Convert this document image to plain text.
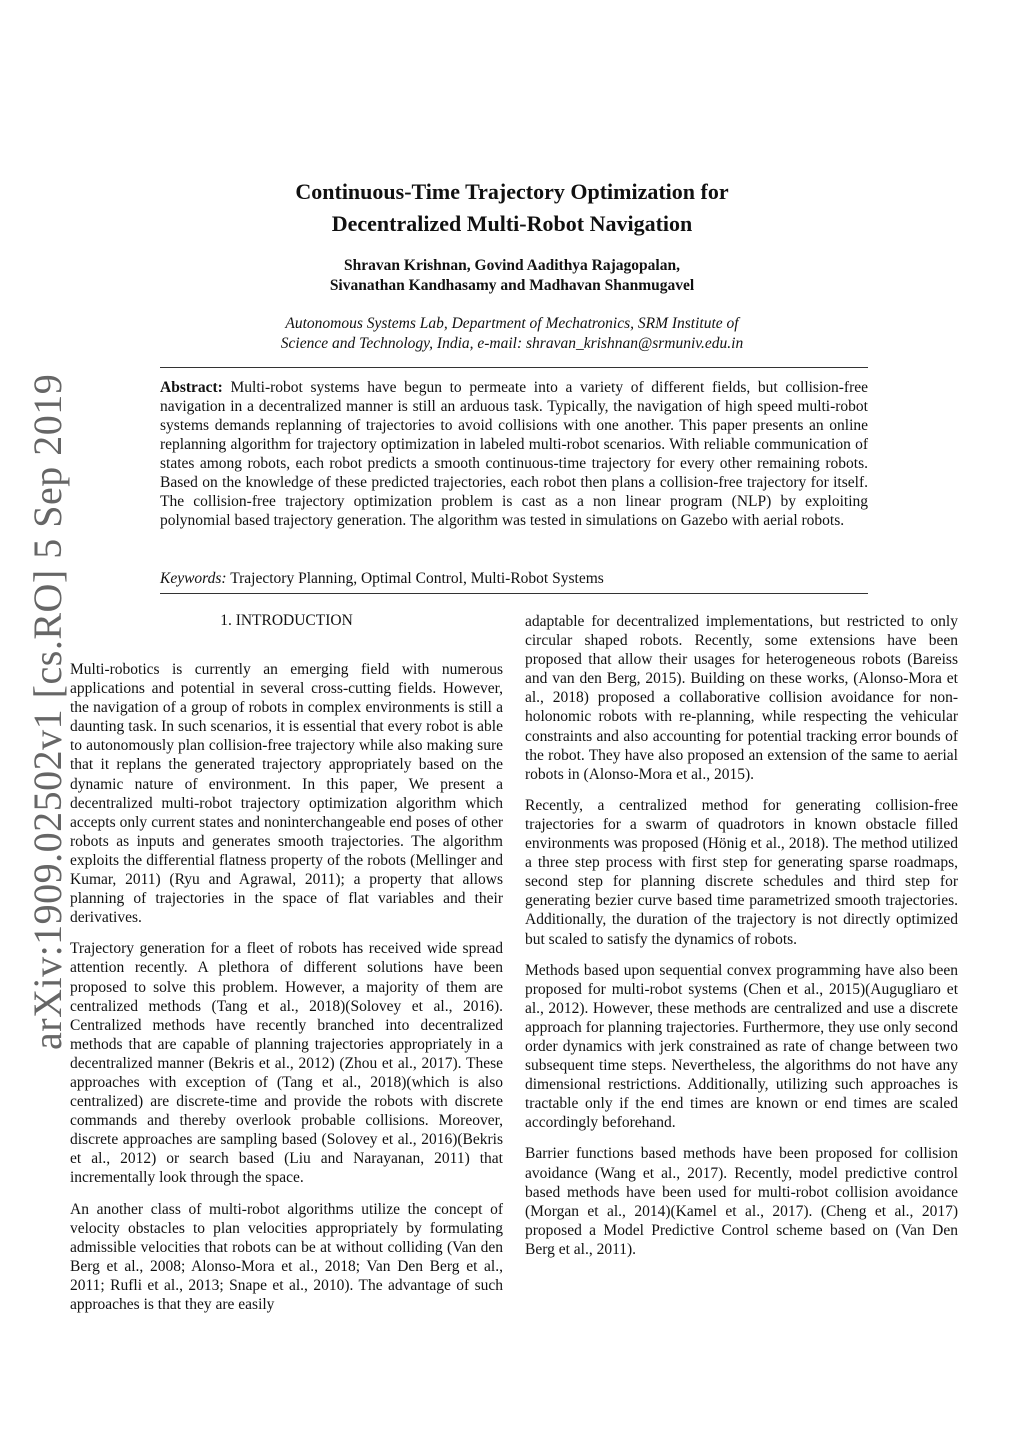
arXiv:1909.02502v1 [cs.RO] 5 Sep 2019
Continuous-Time Trajectory Optimization for
Decentralized Multi-Robot Navigation
Shravan Krishnan, Govind Aadithya Rajagopalan,
Sivanathan Kandhasamy and Madhavan Shanmugavel
Autonomous Systems Lab, Department of Mechatronics, SRM Institute of
Science and Technology, India, e-mail: shravan_krishnan@srmuniv.edu.in
Abstract: Multi-robot systems have begun to permeate into a variety of different fields, but collision-free navigation in a decentralized manner is still an arduous task. Typically, the navigation of high speed multi-robot systems demands replanning of trajectories to avoid collisions with one another. This paper presents an online replanning algorithm for trajectory optimization in labeled multi-robot scenarios. With reliable communication of states among robots, each robot predicts a smooth continuous-time trajectory for every other remaining robots. Based on the knowledge of these predicted trajectories, each robot then plans a collision-free trajectory for itself. The collision-free trajectory optimization problem is cast as a non linear program (NLP) by exploiting polynomial based trajectory generation. The algorithm was tested in simulations on Gazebo with aerial robots.
Keywords: Trajectory Planning, Optimal Control, Multi-Robot Systems
1. INTRODUCTION

Multi-robotics is currently an emerging field with numerous applications and potential in several cross-cutting fields. However, the navigation of a group of robots in complex environments is still a daunting task. In such scenarios, it is essential that every robot is able to autonomously plan collision-free trajectory while also making sure that it replans the generated trajectory appropriately based on the dynamic nature of environment. In this paper, We present a decentralized multi-robot trajectory optimization algorithm which accepts only current states and noninterchangeable end poses of other robots as inputs and generates smooth trajectories. The algorithm exploits the differential flatness property of the robots (Mellinger and Kumar, 2011) (Ryu and Agrawal, 2011); a property that allows planning of trajectories in the space of flat variables and their derivatives.

Trajectory generation for a fleet of robots has received wide spread attention recently. A plethora of different solutions have been proposed to solve this problem. However, a majority of them are centralized methods (Tang et al., 2018)(Solovey et al., 2016). Centralized methods have recently branched into decentralized methods that are capable of planning trajectories appropriately in a decentralized manner (Bekris et al., 2012) (Zhou et al., 2017). These approaches with exception of (Tang et al., 2018)(which is also centralized) are discrete-time and provide the robots with discrete commands and thereby overlook probable collisions. Moreover, discrete approaches are sampling based (Solovey et al., 2016)(Bekris et al., 2012) or search based (Liu and Narayanan, 2011) that incrementally look through the space.

An another class of multi-robot algorithms utilize the concept of velocity obstacles to plan velocities appropriately by formulating admissible velocities that robots can be at without colliding (Van den Berg et al., 2008; Alonso-Mora et al., 2018; Van Den Berg et al., 2011; Rufli et al., 2013; Snape et al., 2010). The advantage of such approaches is that they are easily

adaptable for decentralized implementations, but restricted to only circular shaped robots. Recently, some extensions have been proposed that allow their usages for heterogeneous robots (Bareiss and van den Berg, 2015). Building on these works, (Alonso-Mora et al., 2018) proposed a collaborative collision avoidance for non-holonomic robots with re-planning, while respecting the vehicular constraints and also accounting for potential tracking error bounds of the robot. They have also proposed an extension of the same to aerial robots in (Alonso-Mora et al., 2015).

Recently, a centralized method for generating collision-free trajectories for a swarm of quadrotors in known obstacle filled environments was proposed (Hönig et al., 2018). The method utilized a three step process with first step for generating sparse roadmaps, second step for planning discrete schedules and third step for generating bezier curve based time parametrized smooth trajectories. Additionally, the duration of the trajectory is not directly optimized but scaled to satisfy the dynamics of robots.

Methods based upon sequential convex programming have also been proposed for multi-robot systems (Chen et al., 2015)(Augugliaro et al., 2012). However, these methods are centralized and use a discrete approach for planning trajectories. Furthermore, they use only second order dynamics with jerk constrained as rate of change between two subsequent time steps. Nevertheless, the algorithms do not have any dimensional restrictions. Additionally, utilizing such approaches is tractable only if the end times are known or end times are scaled accordingly beforehand.

Barrier functions based methods have been proposed for collision avoidance (Wang et al., 2017). Recently, model predictive control based methods have been used for multi-robot collision avoidance (Morgan et al., 2014)(Kamel et al., 2017). (Cheng et al., 2017) proposed a Model Predictive Control scheme based on (Van Den Berg et al., 2011).
